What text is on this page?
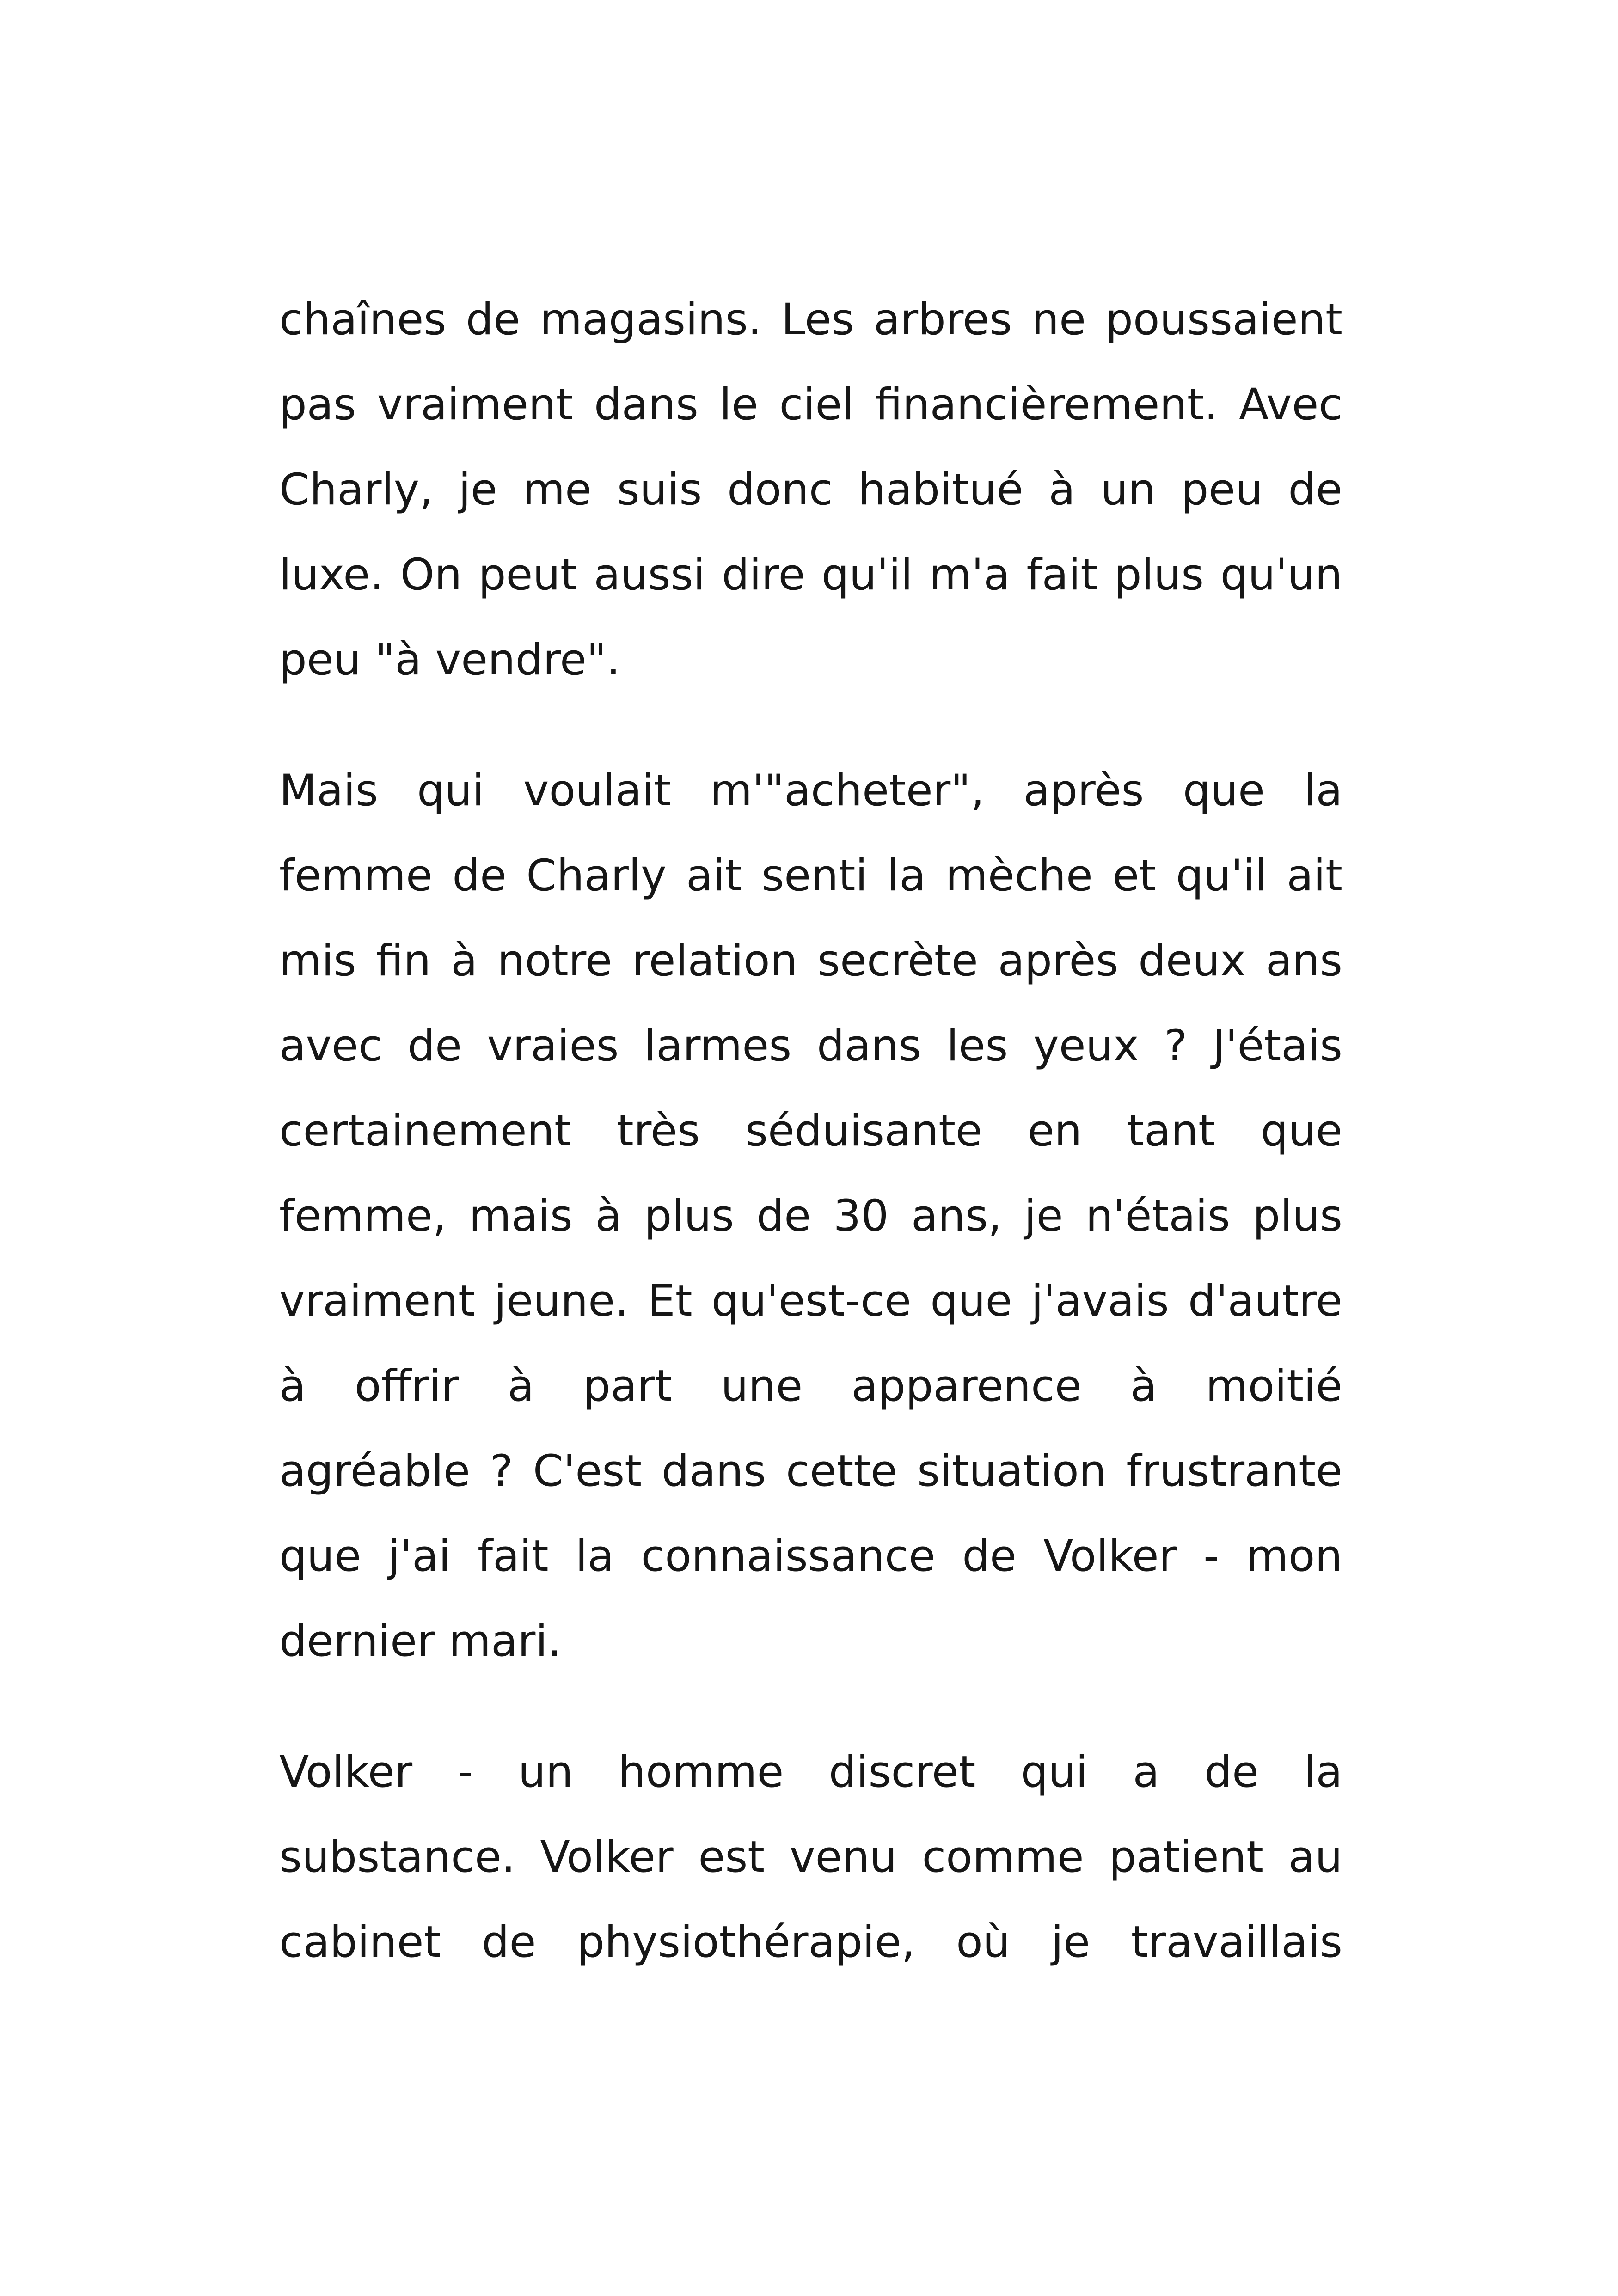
chaînes de magasins. Les arbres ne poussaient
pas vraiment dans le ciel financièrement. Avec
Charly, je me suis donc habitué à un peu de
luxe. On peut aussi dire qu'il m'a fait plus qu'un
peu "à vendre".
Mais qui voulait m'"acheter", après que la
femme de Charly ait senti la mèche et qu'il ait
mis fin à notre relation secrète après deux ans
avec de vraies larmes dans les yeux ? J'étais
certainement très séduisante en tant que
femme, mais à plus de 30 ans, je n'étais plus
vraiment jeune. Et qu'est-ce que j'avais d'autre
à offrir à part une apparence à moitié
agréable ? C'est dans cette situation frustrante
que j'ai fait la connaissance de Volker - mon
dernier mari.
Volker - un homme discret qui a de la
substance. Volker est venu comme patient au
cabinet de physiothérapie, où je travaillais
